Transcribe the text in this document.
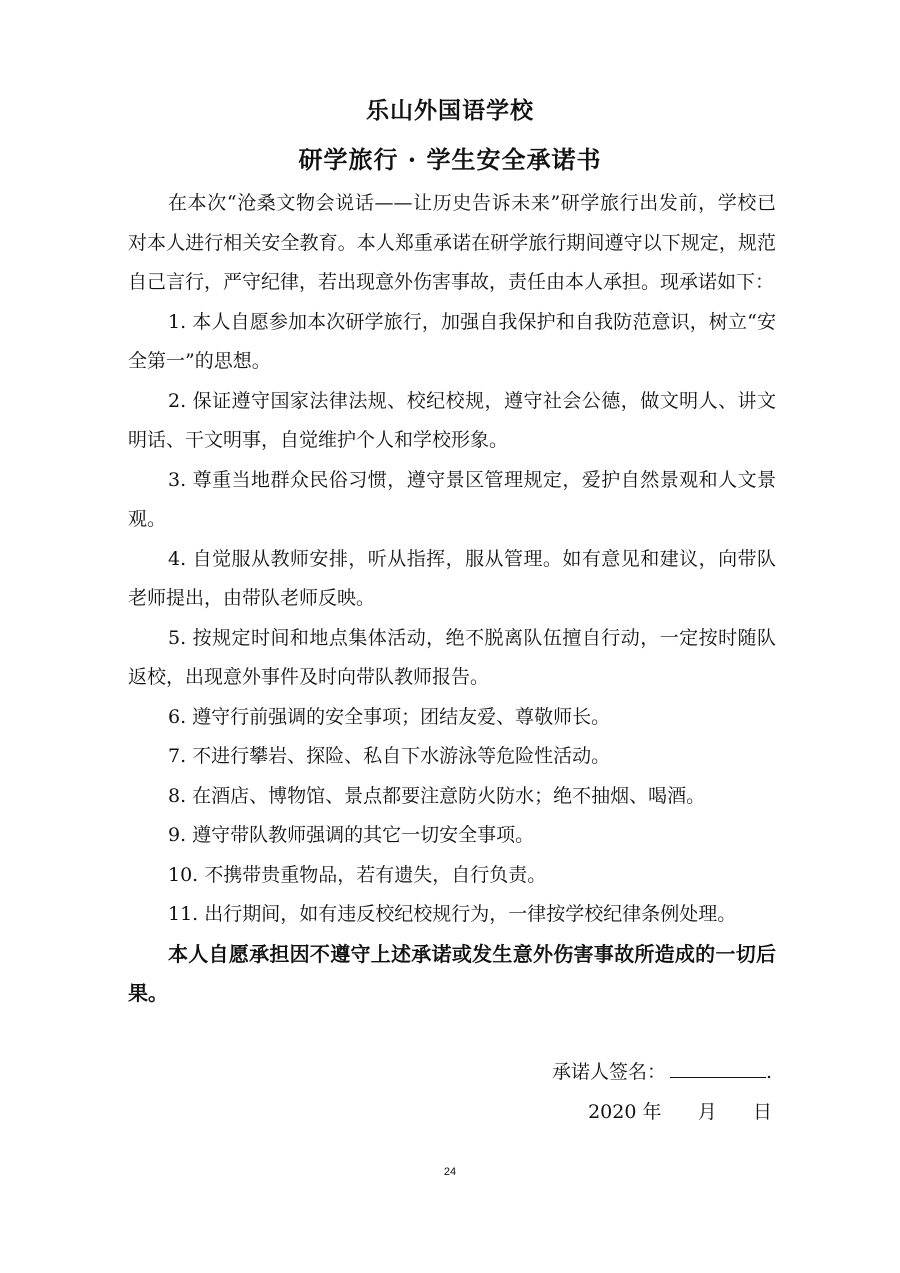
乐山外国语学校
研学旅行 · 学生安全承诺书

在本次“沧桑文物会说话——让历史告诉未来”研学旅行出发前，学校已对本人进行相关安全教育。本人郑重承诺在研学旅行期间遵守以下规定，规范自己言行，严守纪律，若出现意外伤害事故，责任由本人承担。现承诺如下：

1. 本人自愿参加本次研学旅行，加强自我保护和自我防范意识，树立“安全第一”的思想。

2. 保证遵守国家法律法规、校纪校规，遵守社会公德，做文明人、讲文明话、干文明事，自觉维护个人和学校形象。

3. 尊重当地群众民俗习惯，遵守景区管理规定，爱护自然景观和人文景观。

4. 自觉服从教师安排，听从指挥，服从管理。如有意见和建议，向带队老师提出，由带队老师反映。

5. 按规定时间和地点集体活动，绝不脱离队伍擅自行动，一定按时随队返校，出现意外事件及时向带队教师报告。

6. 遵守行前强调的安全事项；团结友爱、尊敬师长。

7. 不进行攀岩、探险、私自下水游泳等危险性活动。

8. 在酒店、博物馆、景点都要注意防火防水；绝不抽烟、喝酒。

9. 遵守带队教师强调的其它一切安全事项。

10. 不携带贵重物品，若有遗失，自行负责。

11. 出行期间，如有违反校纪校规行为，一律按学校纪律条例处理。

本人自愿承担因不遵守上述承诺或发生意外伤害事故所造成的一切后果。

承诺人签名：	.
2020 年 月 日
24
